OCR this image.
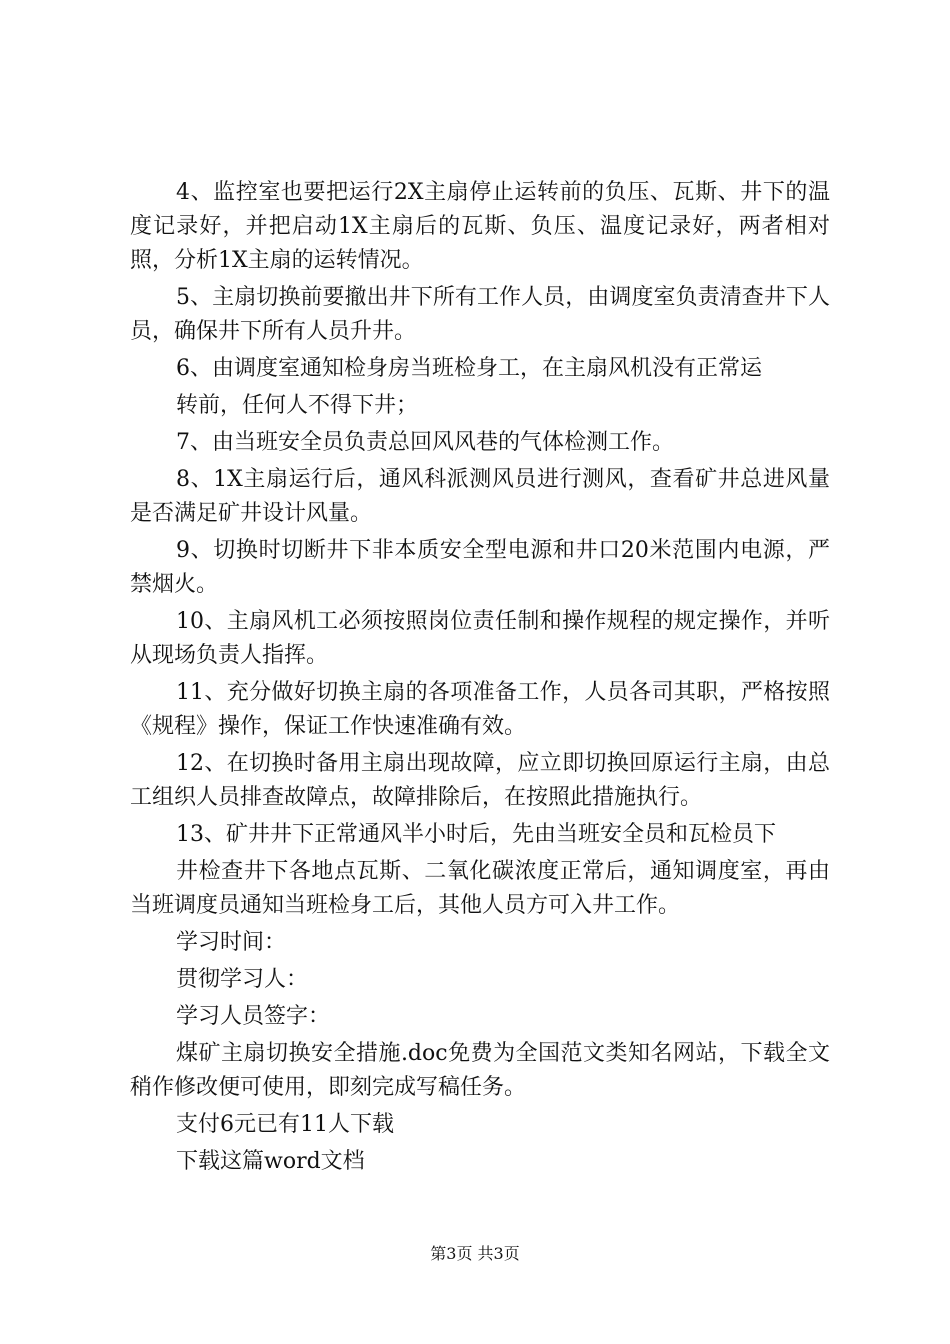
4、监控室也要把运行2X主扇停止运转前的负压、瓦斯、井下的温度记录好，并把启动1X主扇后的瓦斯、负压、温度记录好，两者相对照，分析1X主扇的运转情况。

5、主扇切换前要撤出井下所有工作人员，由调度室负责清查井下人员，确保井下所有人员升井。

6、由调度室通知检身房当班检身工，在主扇风机没有正常运

转前，任何人不得下井；

7、由当班安全员负责总回风风巷的气体检测工作。

8、1X主扇运行后，通风科派测风员进行测风，查看矿井总进风量是否满足矿井设计风量。

9、切换时切断井下非本质安全型电源和井口20米范围内电源，严禁烟火。

10、主扇风机工必须按照岗位责任制和操作规程的规定操作，并听从现场负责人指挥。

11、充分做好切换主扇的各项准备工作，人员各司其职，严格按照《规程》操作，保证工作快速准确有效。

12、在切换时备用主扇出现故障，应立即切换回原运行主扇，由总工组织人员排查故障点，故障排除后，在按照此措施执行。

13、矿井井下正常通风半小时后，先由当班安全员和瓦检员下

井检查井下各地点瓦斯、二氧化碳浓度正常后，通知调度室，再由当班调度员通知当班检身工后，其他人员方可入井工作。

学习时间：

贯彻学习人：

学习人员签字：

煤矿主扇切换安全措施.doc免费为全国范文类知名网站，下载全文稍作修改便可使用，即刻完成写稿任务。

支付6元已有11人下载

下载这篇word文档

第3页 共3页
